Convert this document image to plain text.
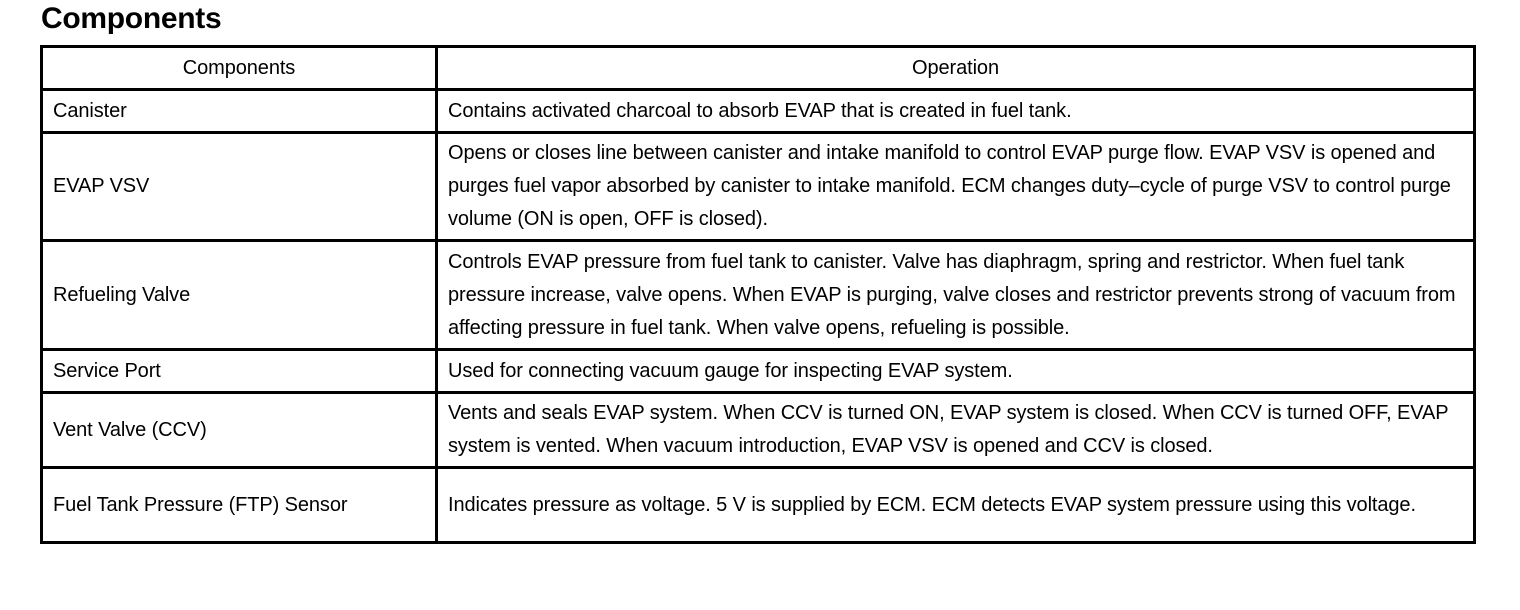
Components
Components	Operation
Canister	Contains activated charcoal to absorb EVAP that is created in fuel tank.
EVAP VSV	Opens or closes line between canister and intake manifold to control EVAP purge flow. EVAP VSV is opened and purges fuel vapor absorbed by canister to intake manifold. ECM changes duty–cycle of purge VSV to control purge volume (ON is open, OFF is closed).
Refueling Valve	Controls EVAP pressure from fuel tank to canister. Valve has diaphragm, spring and restrictor. When fuel tank pressure increase, valve opens. When EVAP is purging, valve closes and restrictor prevents strong of vacuum from affecting pressure in fuel tank. When valve opens, refueling is possible.
Service Port	Used for connecting vacuum gauge for inspecting EVAP system.
Vent Valve (CCV)	Vents and seals EVAP system. When CCV is turned ON, EVAP system is closed. When CCV is turned OFF, EVAP system is vented. When vacuum introduction, EVAP VSV is opened and CCV is closed.
Fuel Tank Pressure (FTP) Sensor	Indicates pressure as voltage. 5 V is supplied by ECM. ECM detects EVAP system pressure using this voltage.
